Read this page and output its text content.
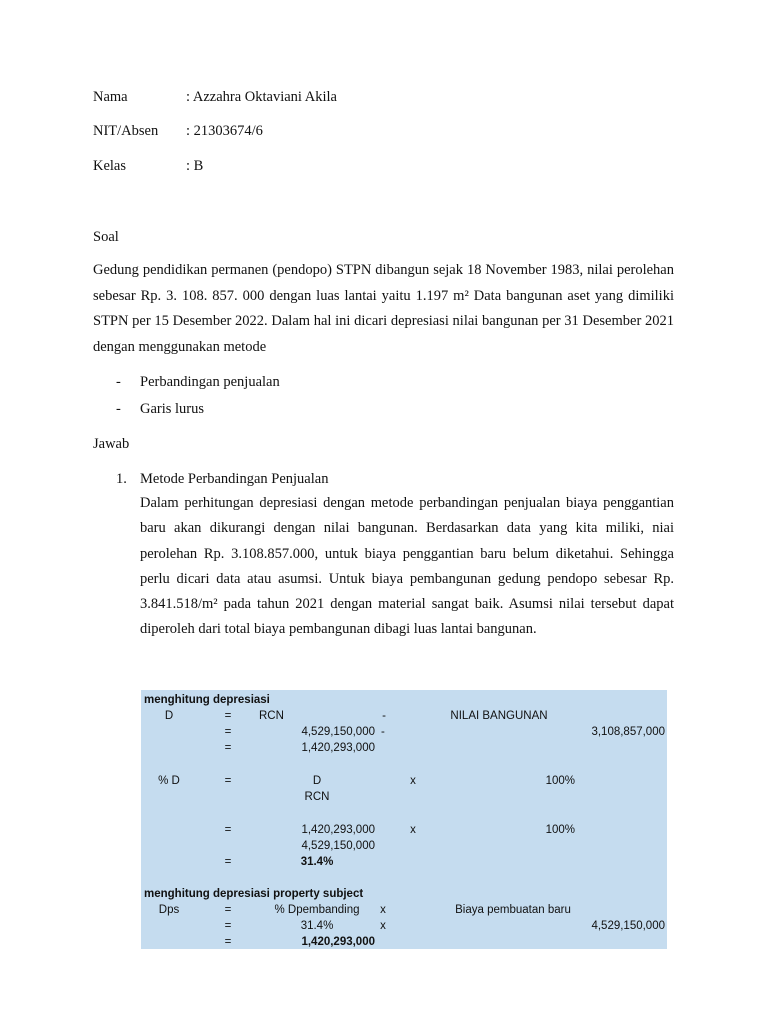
Nama	: Azzahra Oktaviani Akila
NIT/Absen : 21303674/6
Kelas	: B
Soal
Gedung pendidikan permanen (pendopo) STPN dibangun sejak 18 November 1983, nilai perolehan sebesar Rp. 3. 108. 857. 000 dengan luas lantai yaitu 1.197 m² Data bangunan aset yang dimiliki STPN per 15 Desember 2022. Dalam hal ini dicari depresiasi nilai bangunan per 31 Desember 2021 dengan menggunakan metode
- Perbandingan penjualan
- Garis lurus
Jawab
1. Metode Perbandingan Penjualan
Dalam perhitungan depresiasi dengan metode perbandingan penjualan biaya penggantian baru akan dikurangi dengan nilai bangunan. Berdasarkan data yang kita miliki, niai perolehan Rp. 3.108.857.000, untuk biaya penggantian baru belum diketahui. Sehingga perlu dicari data atau asumsi. Untuk biaya pembangunan gedung pendopo sebesar Rp. 3.841.518/m² pada tahun 2021 dengan material sangat baik. Asumsi nilai tersebut dapat diperoleh dari total biaya pembangunan dibagi luas lantai bangunan.
menghitung depresiasi
D	= RCN	-	NILAI BANGUNAN
=	4,529,150,000 -	3,108,857,000
=	1,420,293,000
% D	=	D	x	100%
RCN
=	1,420,293,000	x	100%
4,529,150,000
=	31.4%
menghitung depresiasi property subject
Dps	=	% Dpembanding x	Biaya pembuatan baru
=	31.4%	x	4,529,150,000
=	1,420,293,000
